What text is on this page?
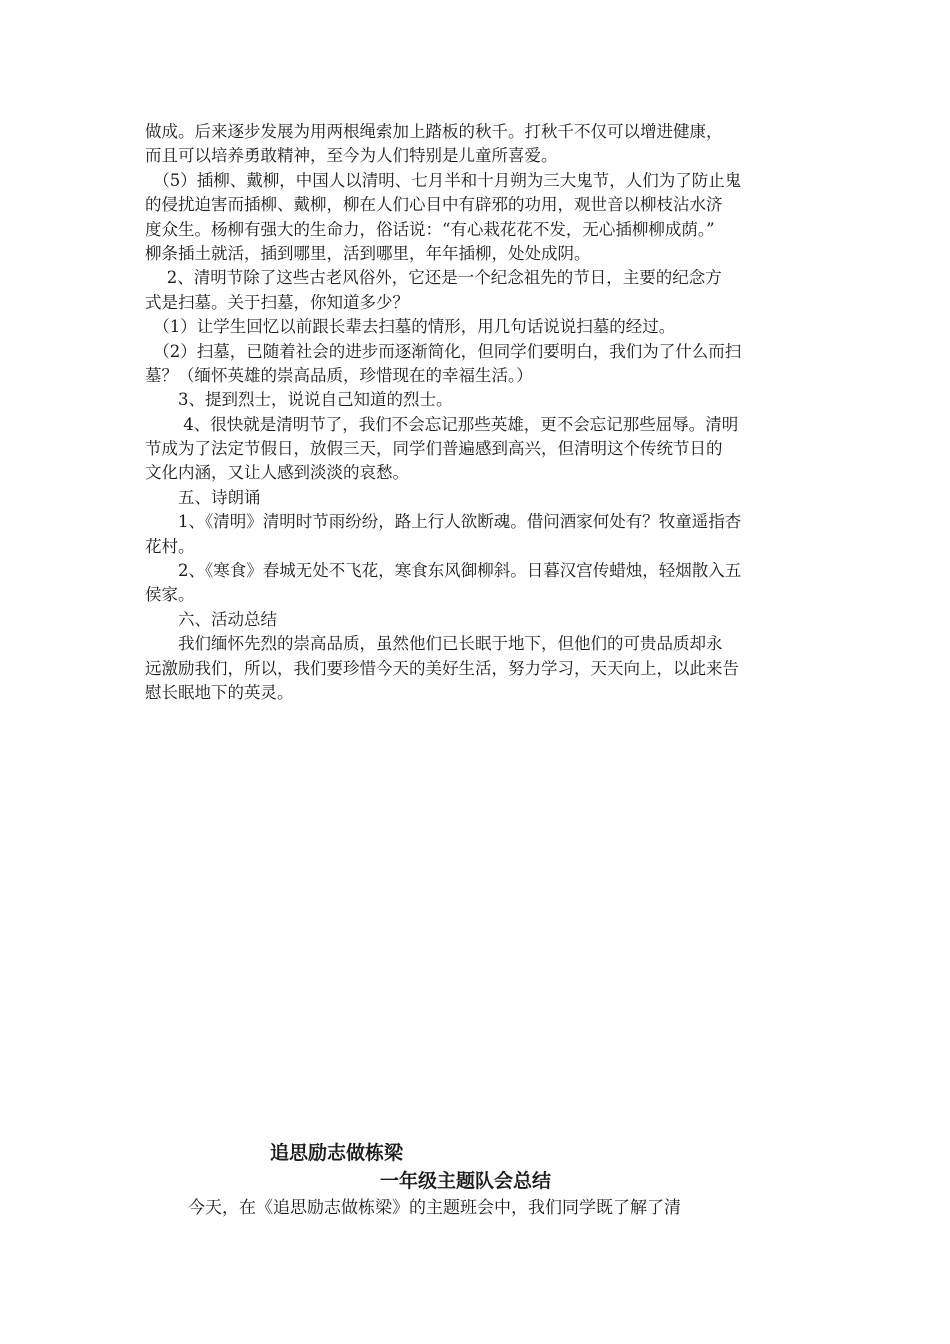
做成。后来逐步发展为用两根绳索加上踏板的秋千。打秋千不仅可以增进健康，
而且可以培养勇敢精神，至今为人们特别是儿童所喜爱。
　（5）插柳、戴柳，中国人以清明、七月半和十月朔为三大鬼节，人们为了防止鬼
的侵扰迫害而插柳、戴柳，柳在人们心目中有辟邪的功用，观世音以柳枝沾水济
度众生。杨柳有强大的生命力，俗话说：“有心栽花花不发，无心插柳柳成荫。”
柳条插土就活，插到哪里，活到哪里，年年插柳，处处成阴。
　 2、清明节除了这些古老风俗外，它还是一个纪念祖先的节日，主要的纪念方
式是扫墓。关于扫墓，你知道多少？
　（1）让学生回忆以前跟长辈去扫墓的情形，用几句话说说扫墓的经过。
　（2）扫墓，已随着社会的进步而逐渐简化，但同学们要明白，我们为了什么而扫
墓？（缅怀英雄的崇高品质，珍惜现在的幸福生活。）
　　3、提到烈士，说说自己知道的烈士。
　　 4、很快就是清明节了，我们不会忘记那些英雄，更不会忘记那些屈辱。清明
节成为了法定节假日，放假三天，同学们普遍感到高兴，但清明这个传统节日的
文化内涵，又让人感到淡淡的哀愁。
　　五、诗朗诵
　　1、《清明》清明时节雨纷纷，路上行人欲断魂。借问酒家何处有？牧童遥指杏
花村。
　　2、《寒食》春城无处不飞花，寒食东风御柳斜。日暮汉宫传蜡烛，轻烟散入五
侯家。
　　六、活动总结
　　我们缅怀先烈的崇高品质，虽然他们已长眠于地下，但他们的可贵品质却永
远激励我们，所以，我们要珍惜今天的美好生活，努力学习，天天向上，以此来告
慰长眠地下的英灵。
追思励志做栋梁
一年级主题队会总结
今天，在《追思励志做栋梁》的主题班会中，我们同学既了解了清
